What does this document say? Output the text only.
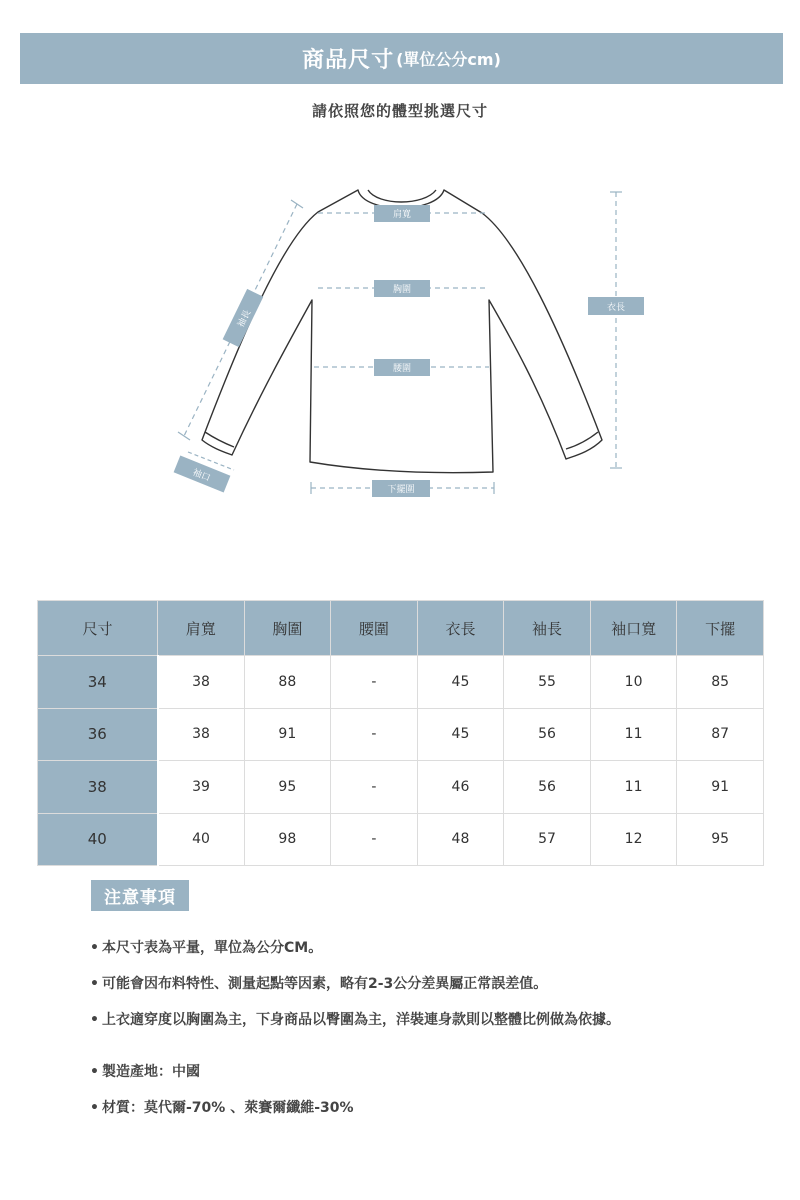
商品尺寸 (單位公分cm)
請依照您的體型挑選尺寸
肩寬
胸圍
腰圍
下擺圍
衣長
袖長
袖口
尺寸	肩寬	胸圍	腰圍	衣長	袖長	袖口寬	下擺
34	38	88	-	45	55	10	85
36	38	91	-	45	56	11	87
38	39	95	-	46	56	11	91
40	40	98	-	48	57	12	95
注意事項
• 本尺寸表為平量，單位為公分CM。
• 可能會因布料特性、測量起點等因素，略有2-3公分差異屬正常誤差值。
• 上衣適穿度以胸圍為主，下身商品以臀圍為主，洋裝連身款則以整體比例做為依據。
• 製造產地：中國
• 材質：莫代爾-70% 、萊賽爾纖維-30%
